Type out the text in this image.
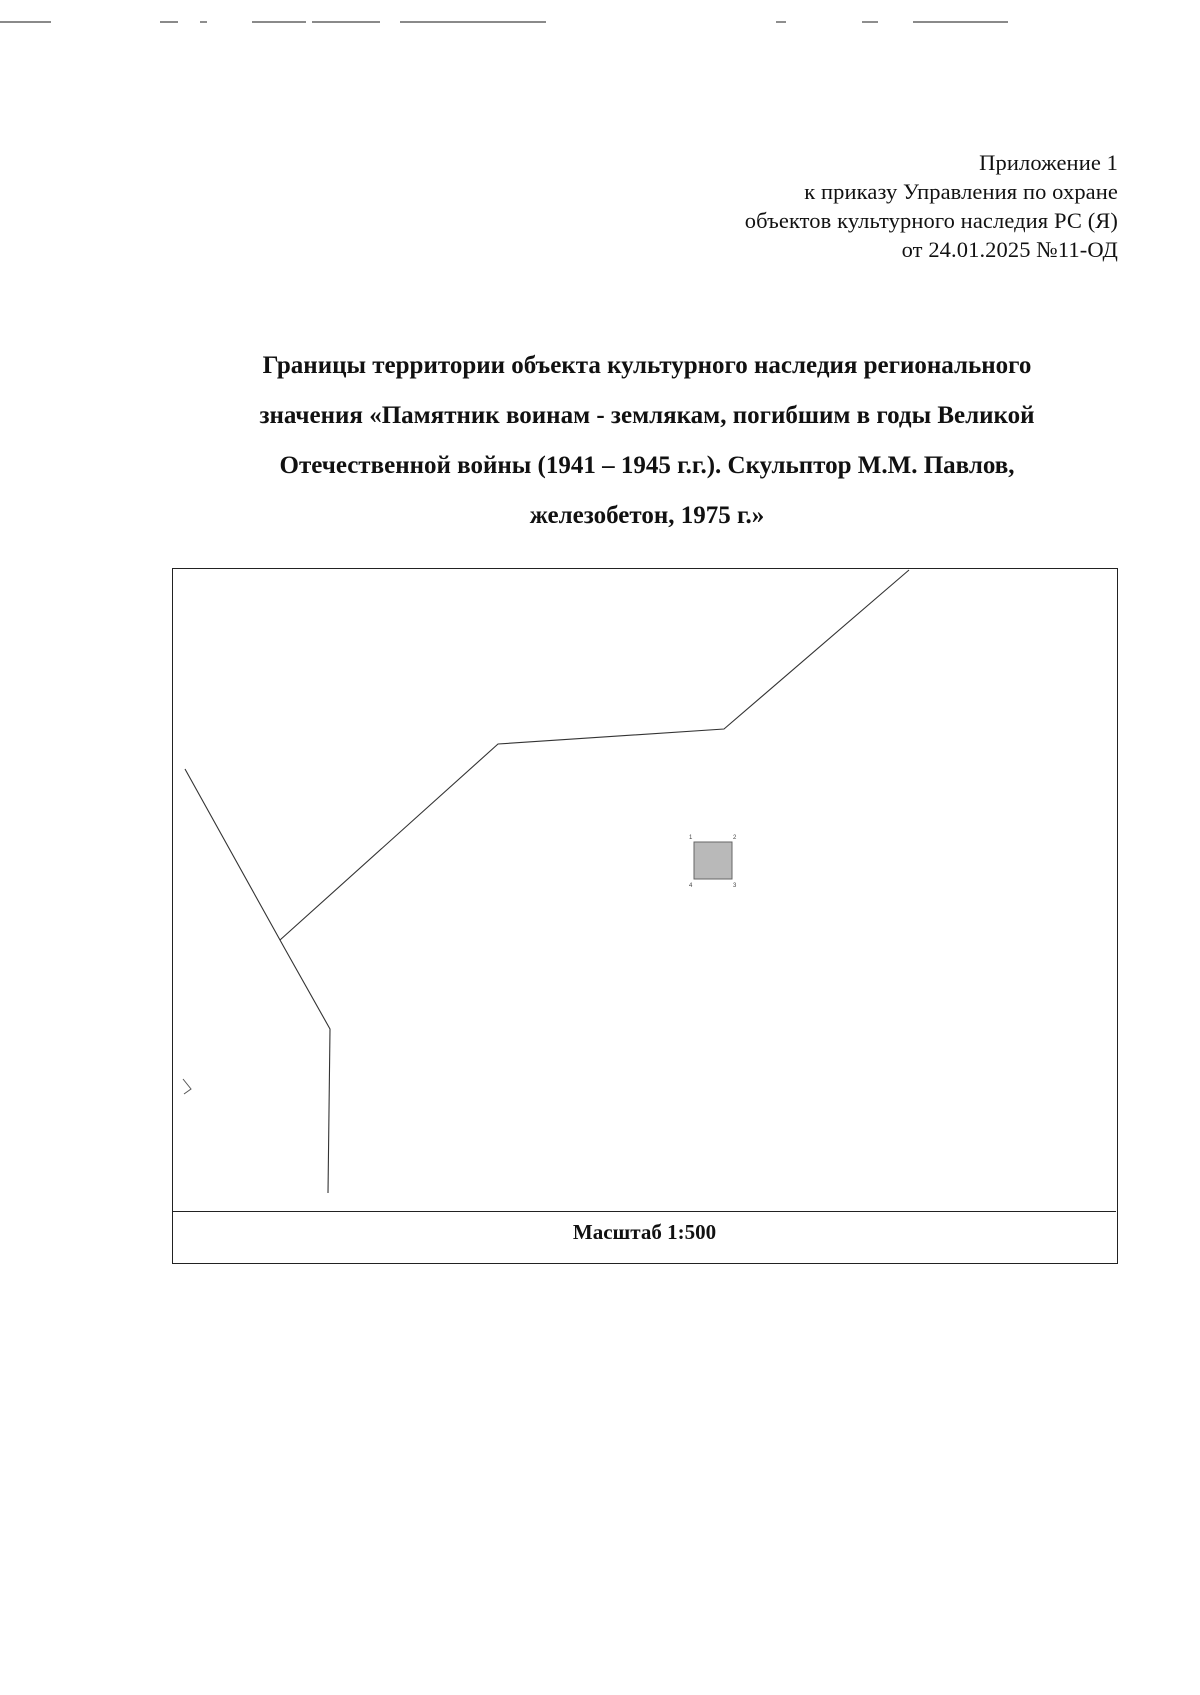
Приложение 1
к приказу Управления по охране
объектов культурного наследия РС (Я)
от 24.01.2025 №11-ОД
Границы территории объекта культурного наследия регионального
значения «Памятник воинам - землякам, погибшим в годы Великой
Отечественной войны (1941 – 1945 г.г.). Скульптор М.М. Павлов,
железобетон, 1975 г.»
1	2
3
4
Масштаб 1:500
